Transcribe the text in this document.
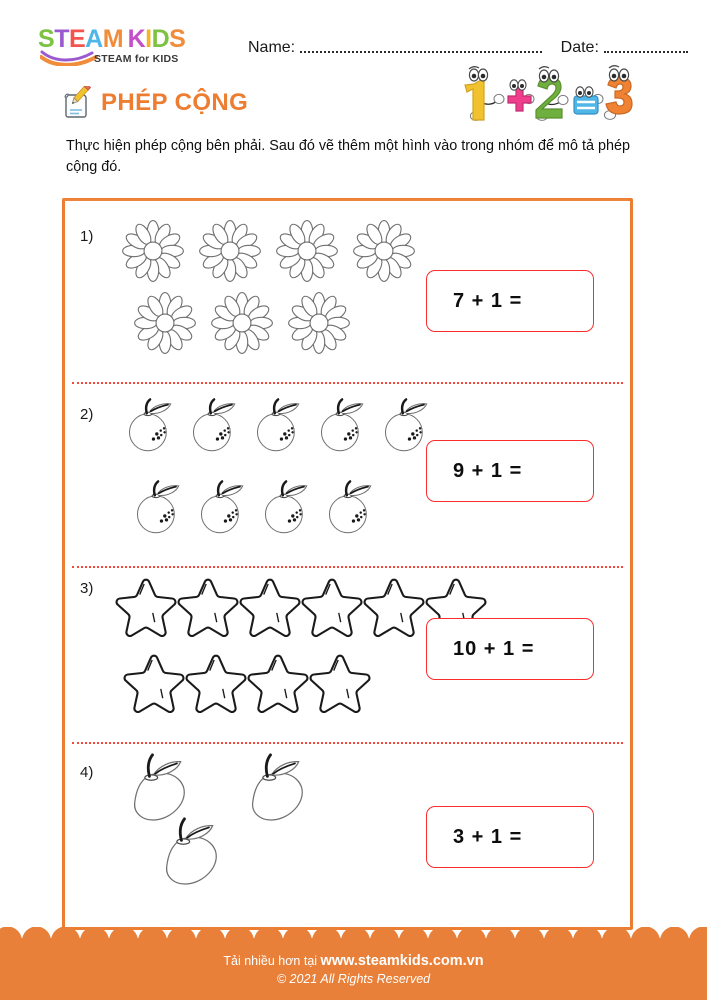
STEAM  KIDS
STEAM for KIDS
Name:	Date:
PHÉP CỘNG
Thực hiện phép cộng bên phải. Sau đó vẽ thêm một hình vào trong nhóm để mô tả phép cộng đó.
1)
7 + 1 =
2)
9 + 1 =
3)
10 + 1 =
4)
3 + 1 =
Tải nhiều hơn tại www.steamkids.com.vn
© 2021 All Rights Reserved
